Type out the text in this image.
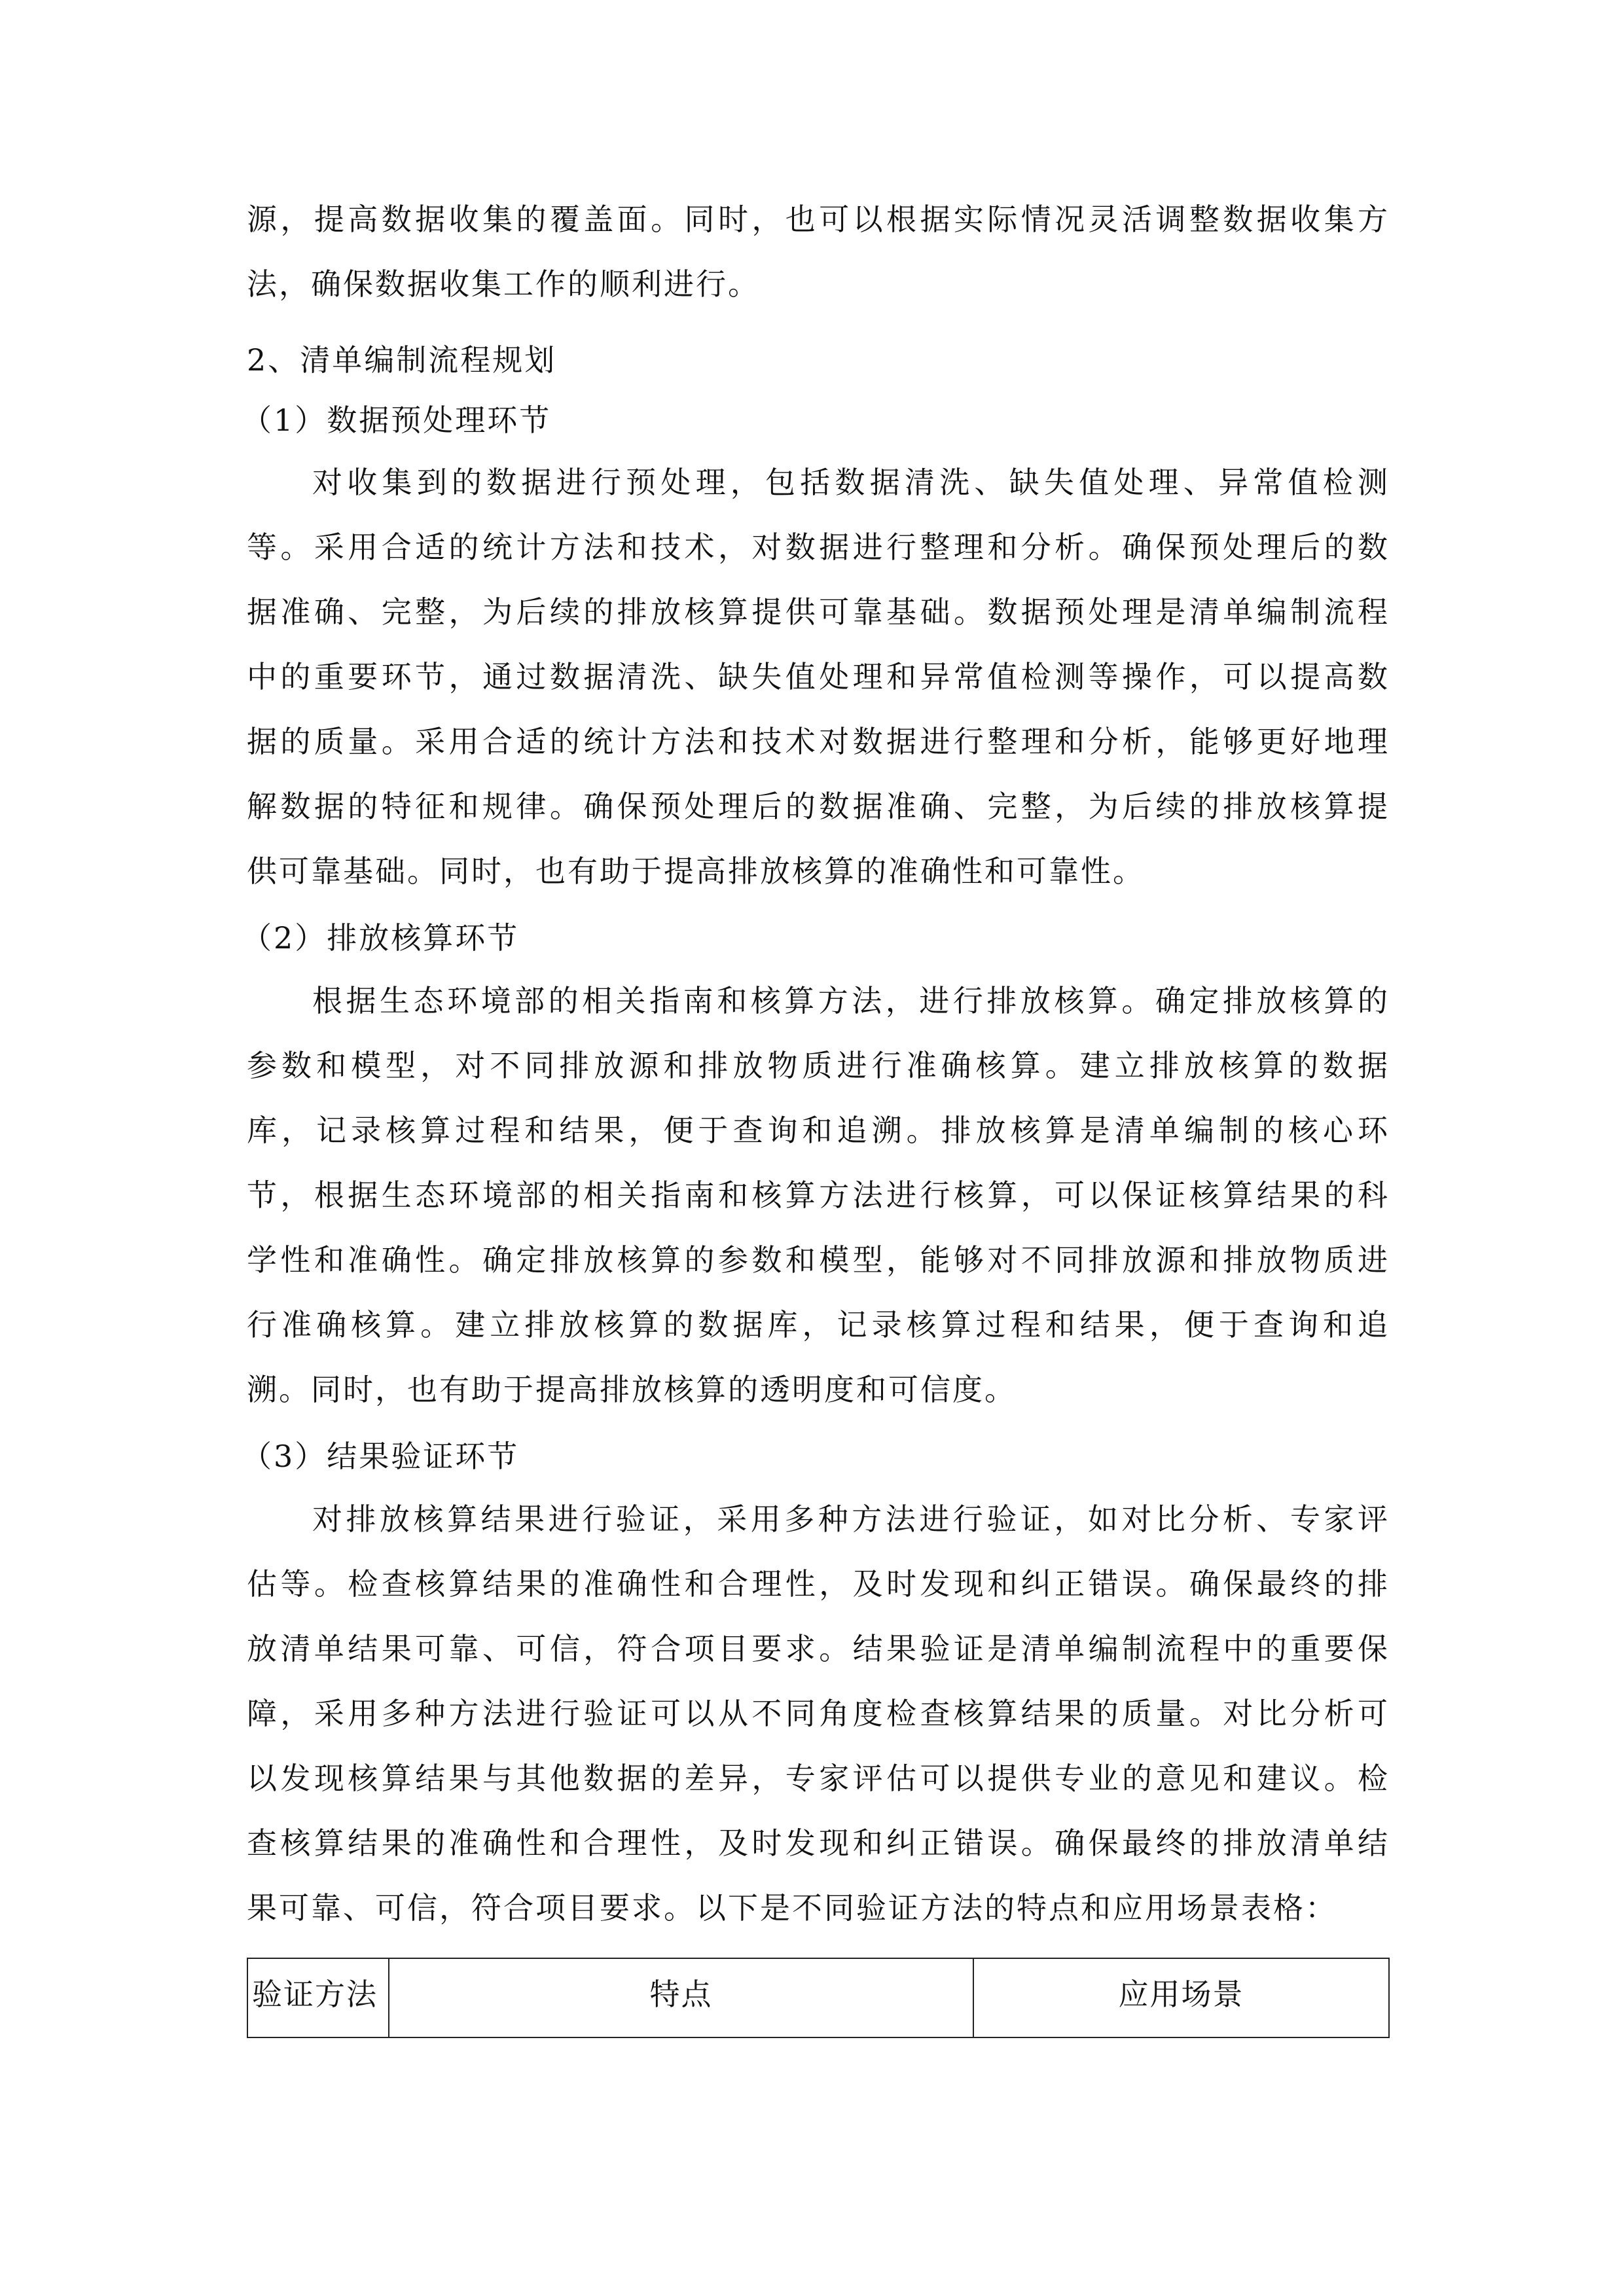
源，提高数据收集的覆盖面。同时，也可以根据实际情况灵活调整数据收集方

法，确保数据收集工作的顺利进行。

2、清单编制流程规划

（1）数据预处理环节

对收集到的数据进行预处理，包括数据清洗、缺失值处理、异常值检测

等。采用合适的统计方法和技术，对数据进行整理和分析。确保预处理后的数

据准确、完整，为后续的排放核算提供可靠基础。数据预处理是清单编制流程

中的重要环节，通过数据清洗、缺失值处理和异常值检测等操作，可以提高数

据的质量。采用合适的统计方法和技术对数据进行整理和分析，能够更好地理

解数据的特征和规律。确保预处理后的数据准确、完整，为后续的排放核算提

供可靠基础。同时，也有助于提高排放核算的准确性和可靠性。

（2）排放核算环节

根据生态环境部的相关指南和核算方法，进行排放核算。确定排放核算的

参数和模型，对不同排放源和排放物质进行准确核算。建立排放核算的数据

库，记录核算过程和结果，便于查询和追溯。排放核算是清单编制的核心环

节，根据生态环境部的相关指南和核算方法进行核算，可以保证核算结果的科

学性和准确性。确定排放核算的参数和模型，能够对不同排放源和排放物质进

行准确核算。建立排放核算的数据库，记录核算过程和结果，便于查询和追

溯。同时，也有助于提高排放核算的透明度和可信度。

（3）结果验证环节

对排放核算结果进行验证，采用多种方法进行验证，如对比分析、专家评

估等。检查核算结果的准确性和合理性，及时发现和纠正错误。确保最终的排

放清单结果可靠、可信，符合项目要求。结果验证是清单编制流程中的重要保

障，采用多种方法进行验证可以从不同角度检查核算结果的质量。对比分析可

以发现核算结果与其他数据的差异，专家评估可以提供专业的意见和建议。检

查核算结果的准确性和合理性，及时发现和纠正错误。确保最终的排放清单结

果可靠、可信，符合项目要求。以下是不同验证方法的特点和应用场景表格：

验证方法	特点	应用场景
